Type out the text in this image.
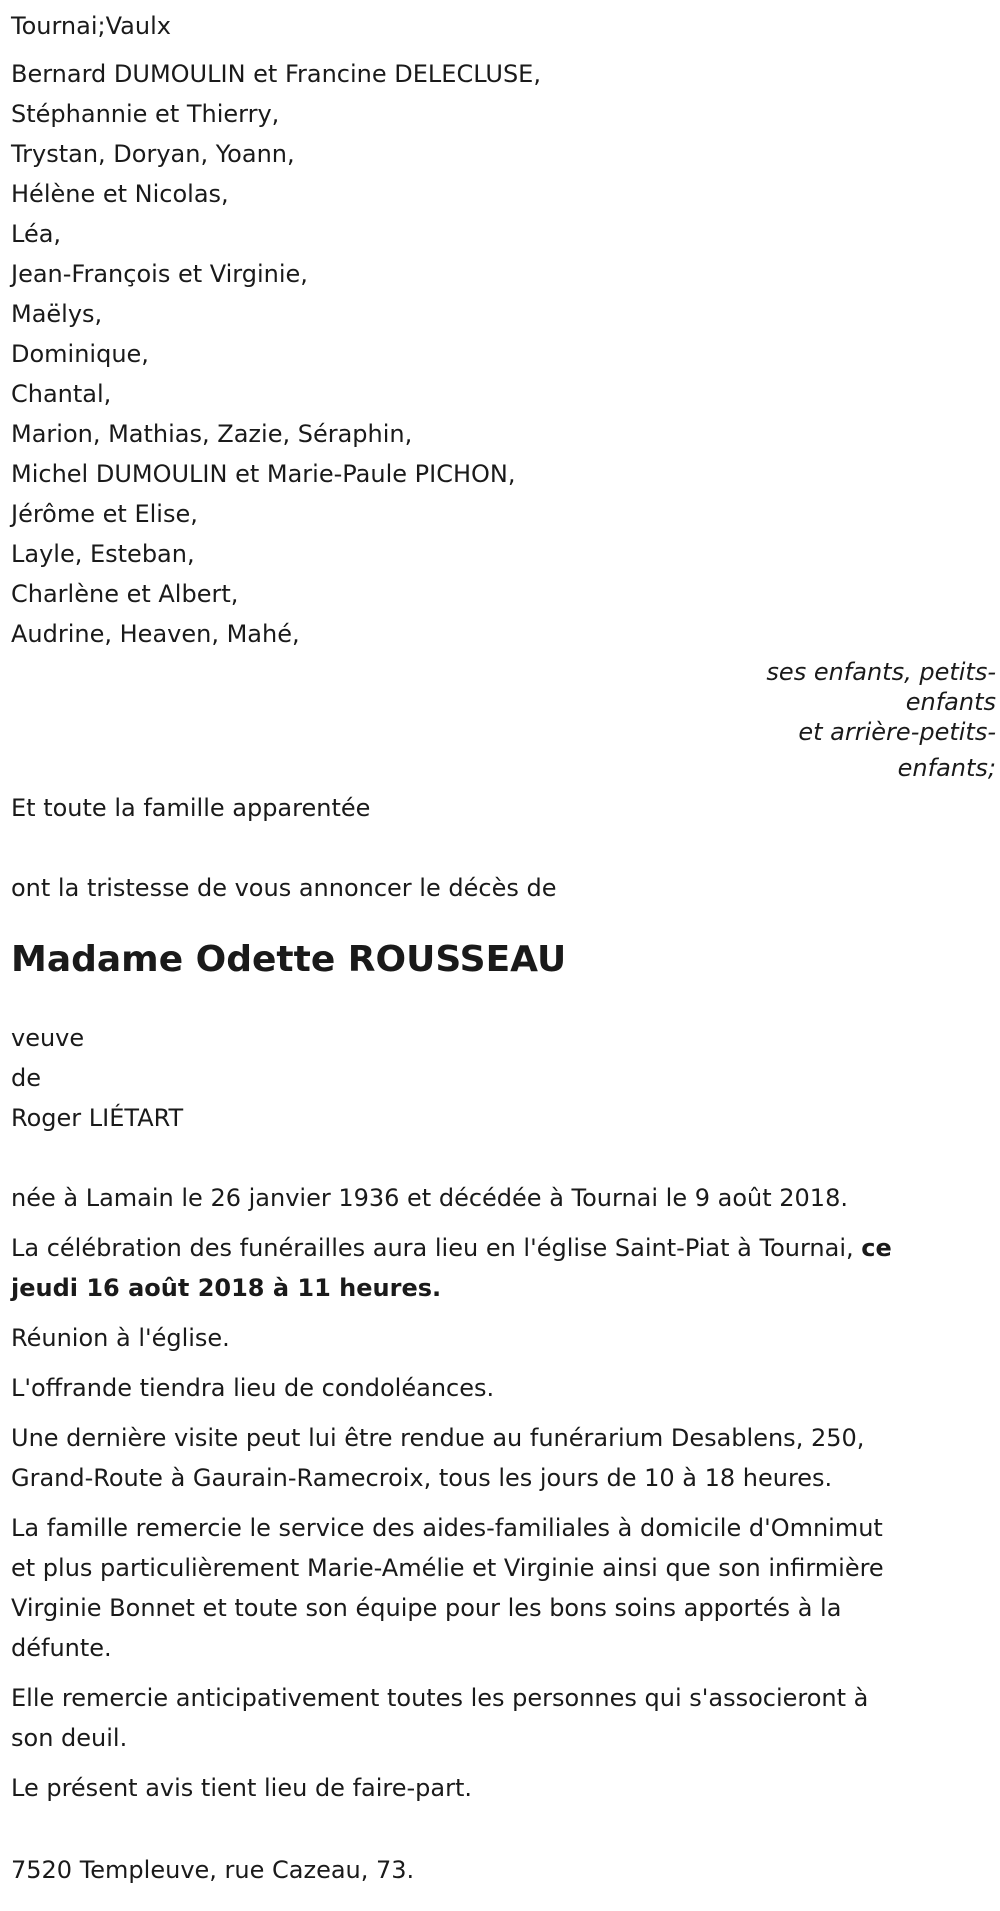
Tournai;Vaulx
Bernard DUMOULIN et Francine DELECLUSE,
Stéphannie et Thierry,
Trystan, Doryan, Yoann,
Hélène et Nicolas,
Léa,
Jean-François et Virginie,
Maëlys,
Dominique,
Chantal,
Marion, Mathias, Zazie, Séraphin,
Michel DUMOULIN et Marie-Paule PICHON,
Jérôme et Elise,
Layle, Esteban,
Charlène et Albert,
Audrine, Heaven, Mahé,
ses enfants, petits-
enfants
et arrière-petits-
enfants;
Et toute la famille apparentée
ont la tristesse de vous annoncer le décès de
Madame Odette ROUSSEAU
veuve
de
Roger LIÉTART
née à Lamain le 26 janvier 1936 et décédée à Tournai le 9 août 2018.
La célébration des funérailles aura lieu en l'église Saint-Piat à Tournai, ce
jeudi 16 août 2018 à 11 heures.
Réunion à l'église.
L'offrande tiendra lieu de condoléances.
Une dernière visite peut lui être rendue au funérarium Desablens, 250,
Grand-Route à Gaurain-Ramecroix, tous les jours de 10 à 18 heures.
La famille remercie le service des aides-familiales à domicile d'Omnimut
et plus particulièrement Marie-Amélie et Virginie ainsi que son infirmière
Virginie Bonnet et toute son équipe pour les bons soins apportés à la
défunte.
Elle remercie anticipativement toutes les personnes qui s'associeront à
son deuil.
Le présent avis tient lieu de faire-part.
7520 Templeuve, rue Cazeau, 73.
